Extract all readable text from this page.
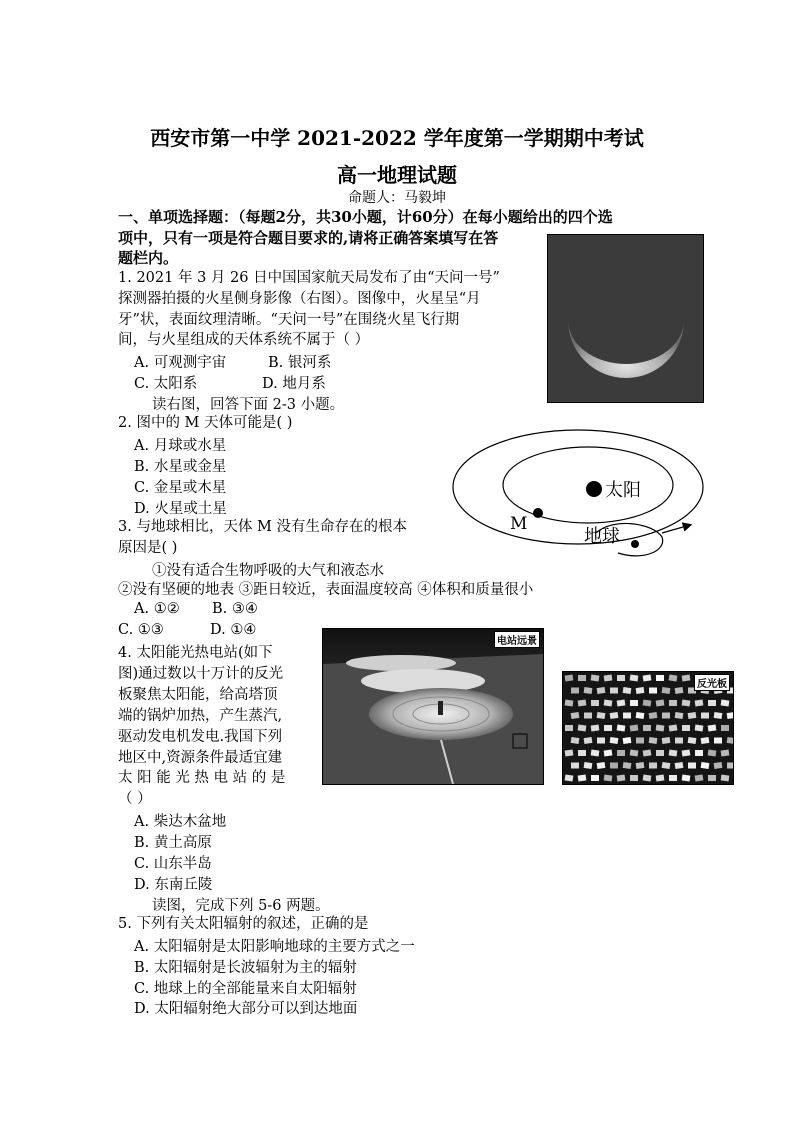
西安市第一中学 2021-2022 学年度第一学期期中考试
高一地理试题
命题人：马毅坤
一、单项选择题：（每题2分，共30小题，计60分）在每小题给出的四个选
项中，只有一项是符合题目要求的,请将正确答案填写在答
题栏内。
1. 2021 年 3 月 26 日中国国家航天局发布了由“天问一号”
探测器拍摄的火星侧身影像（右图）。图像中，火星呈“月
牙”状，表面纹理清晰。“天问一号”在围绕火星飞行期
间，与火星组成的天体系统不属于（ ）
A. 可观测宇宙	B. 银河系
C. 太阳系	D. 地月系
读右图，回答下面 2-3 小题。
2. 图中的 M 天体可能是( )
A. 月球或水星
B. 水星或金星
C. 金星或木星
D. 火星或土星
太阳
M
地球
3. 与地球相比，天体 M 没有生命存在的根本
原因是( )
①没有适合生物呼吸的大气和液态水
②没有坚硬的地表 ③距日较近，表面温度较高 ④体积和质量很小
A. ①② B. ③④
C. ①③	D. ①④
电站远景
反光板
4. 太阳能光热电站(如下
图)通过数以十万计的反光
板聚焦太阳能，给高塔顶
端的锅炉加热，产生蒸汽,
驱动发电机发电.我国下列
地区中,资源条件最适宜建
太 阳 能 光 热 电 站 的 是
（ ）
A. 柴达木盆地
B. 黄土高原
C. 山东半岛
D. 东南丘陵
读图，完成下列 5-6 两题。
5. 下列有关太阳辐射的叙述，正确的是
A. 太阳辐射是太阳影响地球的主要方式之一
B. 太阳辐射是长波辐射为主的辐射
C. 地球上的全部能量来自太阳辐射
D. 太阳辐射绝大部分可以到达地面
